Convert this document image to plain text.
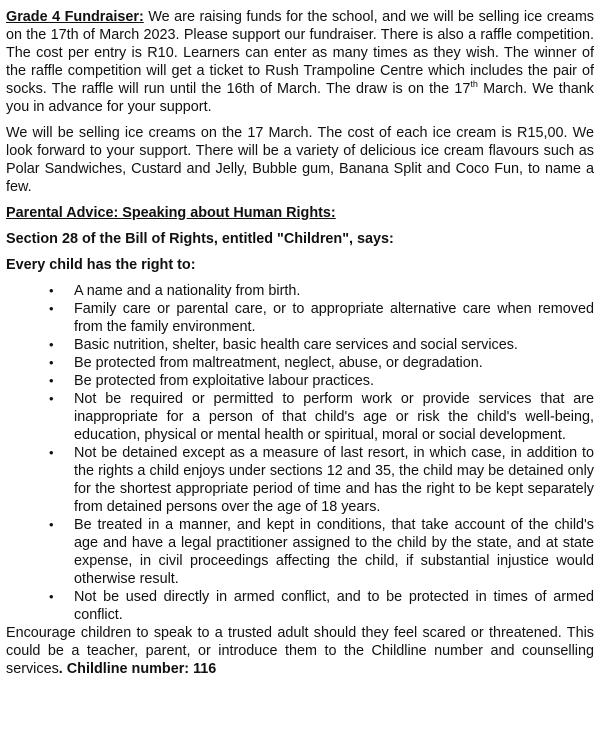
Grade 4 Fundraiser: We are raising funds for the school, and we will be selling ice creams on the 17th of March 2023. Please support our fundraiser. There is also a raffle competition. The cost per entry is R10. Learners can enter as many times as they wish. The winner of the raffle competition will get a ticket to Rush Trampoline Centre which includes the pair of socks. The raffle will run until the 16th of March. The draw is on the 17th March. We thank you in advance for your support.

We will be selling ice creams on the 17 March. The cost of each ice cream is R15,00. We look forward to your support. There will be a variety of delicious ice cream flavours such as Polar Sandwiches, Custard and Jelly, Bubble gum, Banana Split and Coco Fun, to name a few.

Parental Advice: Speaking about Human Rights:

Section 28 of the Bill of Rights, entitled "Children", says:

Every child has the right to:

• A name and a nationality from birth.
• Family care or parental care, or to appropriate alternative care when removed from the family environment.
• Basic nutrition, shelter, basic health care services and social services.
• Be protected from maltreatment, neglect, abuse, or degradation.
• Be protected from exploitative labour practices.
• Not be required or permitted to perform work or provide services that are inappropriate for a person of that child's age or risk the child's well-being, education, physical or mental health or spiritual, moral or social development.
• Not be detained except as a measure of last resort, in which case, in addition to the rights a child enjoys under sections 12 and 35, the child may be detained only for the shortest appropriate period of time and has the right to be kept separately from detained persons over the age of 18 years.
• Be treated in a manner, and kept in conditions, that take account of the child's age and have a legal practitioner assigned to the child by the state, and at state expense, in civil proceedings affecting the child, if substantial injustice would otherwise result.
• Not be used directly in armed conflict, and to be protected in times of armed conflict.

Encourage children to speak to a trusted adult should they feel scared or threatened. This could be a teacher, parent, or introduce them to the Childline number and counselling services. Childline number: 116
